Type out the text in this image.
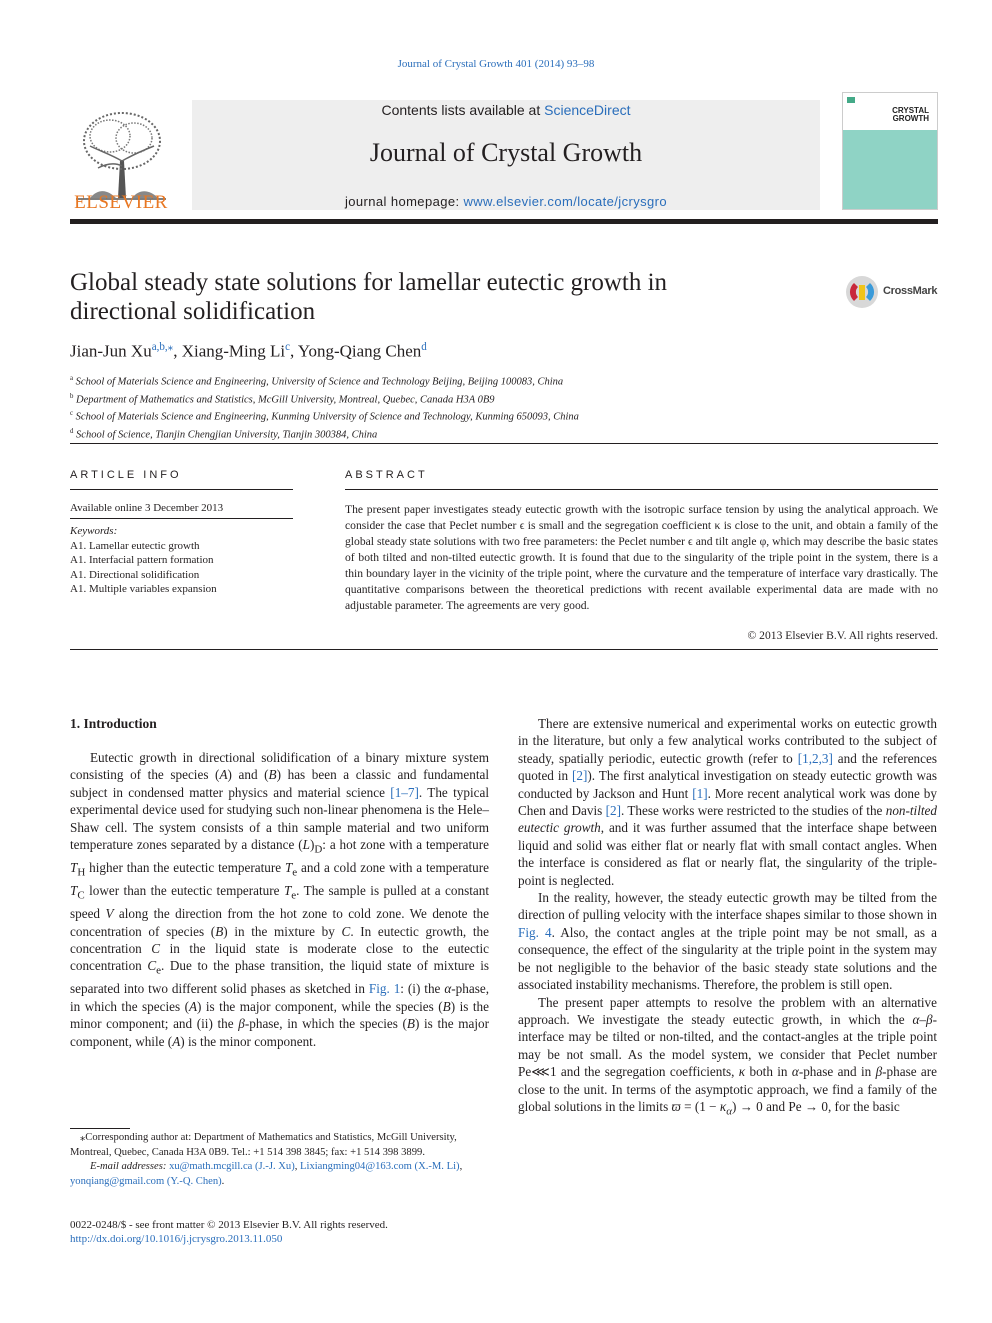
Journal of Crystal Growth 401 (2014) 93–98
ELSEVIER
Contents lists available at ScienceDirect
Journal of Crystal Growth
journal homepage: www.elsevier.com/locate/jcrysgro
CRYSTAL
GROWTH
Global steady state solutions for lamellar eutectic growth in directional solidification
CrossMark
Jian-Jun Xu$^{a,b,⁎}$, Xiang-Ming Li$^c$, Yong-Qiang Chen$^d$
$^a$ School of Materials Science and Engineering, University of Science and Technology Beijing, Beijing 100083, China
$^b$ Department of Mathematics and Statistics, McGill University, Montreal, Quebec, Canada H3A 0B9
$^c$ School of Materials Science and Engineering, Kunming University of Science and Technology, Kunming 650093, China
$^d$ School of Science, Tianjin Chengjian University, Tianjin 300384, China
ARTICLE INFO	ABSTRACT
Available online 3 December 2013
Keywords:
A1. Lamellar eutectic growth
A1. Interfacial pattern formation
A1. Directional solidification
A1. Multiple variables expansion
The present paper investigates steady eutectic growth with the isotropic surface tension by using the analytical approach. We consider the case that Peclet number ϵ is small and the segregation coefficient κ is close to the unit, and obtain a family of the global steady state solutions with two free parameters: the Peclet number ϵ and tilt angle φ, which may describe the basic states of both tilted and non-tilted eutectic growth. It is found that due to the singularity of the triple point in the system, there is a thin boundary layer in the vicinity of the triple point, where the curvature and the temperature of interface vary drastically. The quantitative comparisons between the theoretical predictions with recent available experimental data are made with no adjustable parameter. The agreements are very good.
© 2013 Elsevier B.V. All rights reserved.
1. Introduction

Eutectic growth in directional solidification of a binary mixture system consisting of the species (A) and (B) has been a classic and fundamental subject in condensed matter physics and material science [1–7]. The typical experimental device used for studying such non-linear phenomena is the Hele–Shaw cell. The system consists of a thin sample material and two uniform temperature zones separated by a distance $(L)_D$: a hot zone with a temperature $T_H$ higher than the eutectic temperature $T_e$ and a cold zone with a temperature $T_C$ lower than the eutectic temperature $T_e$. The sample is pulled at a constant speed V along the direction from the hot zone to cold zone. We denote the concentration of species (B) in the mixture by C. In eutectic growth, the concentration C in the liquid state is moderate close to the eutectic concentration $C_e$. Due to the phase transition, the liquid state of mixture is separated into two different solid phases as sketched in Fig. 1: (i) the α-phase, in which the species (A) is the major component, while the species (B) is the minor component; and (ii) the β-phase, in which the species (B) is the major component, while (A) is the minor component.

There are extensive numerical and experimental works on eutectic growth in the literature, but only a few analytical works contributed to the subject of steady, spatially periodic, eutectic growth (refer to [1,2,3] and the references quoted in [2]). The first analytical investigation on steady eutectic growth was conducted by Jackson and Hunt [1]. More recent analytical work was done by Chen and Davis [2]. These works were restricted to the studies of the non-tilted eutectic growth, and it was further assumed that the interface shape between liquid and solid was either flat or nearly flat with small contact angles. When the interface is considered as flat or nearly flat, the singularity of the triple-point is neglected.

In the reality, however, the steady eutectic growth may be tilted from the direction of pulling velocity with the interface shapes similar to those shown in Fig. 4. Also, the contact angles at the triple point may be not small, as a consequence, the effect of the singularity at the triple point in the system may be not negligible to the behavior of the basic steady state solutions and the associated instability mechanisms. Therefore, the problem is still open.

The present paper attempts to resolve the problem with an alternative approach. We investigate the steady eutectic growth, in which the α–β-interface may be tilted or non-tilted, and the contact-angles at the triple point may be not small. As the model system, we consider that Peclet number Pe⋘1 and the segregation coefficients, κ both in α-phase and in β-phase are close to the unit. In terms of the asymptotic approach, we find a family of the global solutions in the limits $ϖ = (1 - \kappa_\alpha) \to 0$ and Pe → 0, for the basic

⁎Corresponding author at: Department of Mathematics and Statistics, McGill University, Montreal, Quebec, Canada H3A 0B9. Tel.: +1 514 398 3845; fax: +1 514 398 3899.

E-mail addresses: xu@math.mcgill.ca (J.-J. Xu), Lixiangming04@163.com (X.-M. Li), yonqiang@gmail.com (Y.-Q. Chen).

0022-0248/$ - see front matter © 2013 Elsevier B.V. All rights reserved.
http://dx.doi.org/10.1016/j.jcrysgro.2013.11.050
